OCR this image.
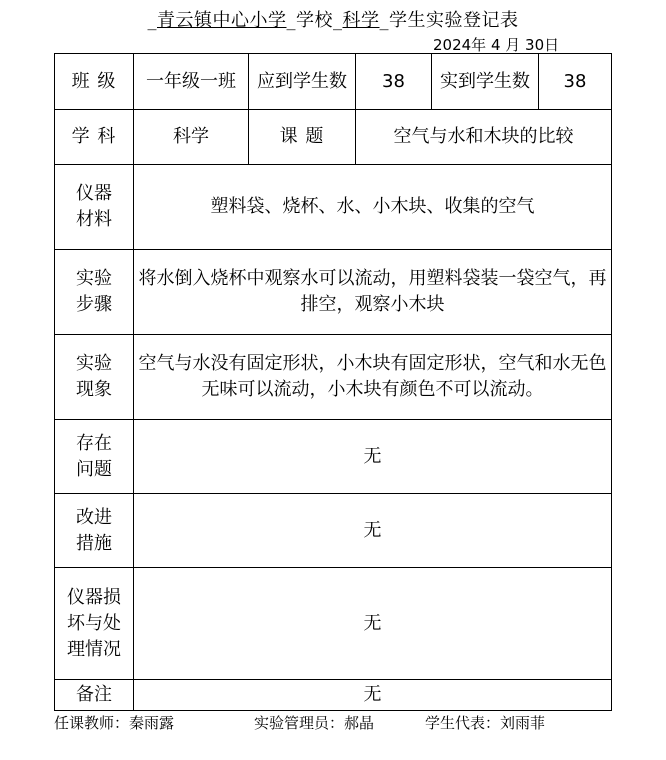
_青云镇中心小学_学校_科学_学生实验登记表
2024年 4 月 30日
班 级	一年级一班	应到学生数	38	实到学生数	38
学 科	科学	课 题	空气与水和木块的比较		

仪器
材料	塑料袋、烧杯、水、小木块、收集的空气				

实验
步骤	将水倒入烧杯中观察水可以流动，用塑料袋装一袋空气，再排空，观察小木块				

实验
现象	空气与水没有固定形状，小木块有固定形状，空气和水无色无味可以流动，小木块有颜色不可以流动。				

存在
问题	无				

改进
措施	无				

仪器损
坏与处
理情况	无				
备注	无				
任课教师：秦雨露	实验管理员：郝晶	学生代表：刘雨菲
